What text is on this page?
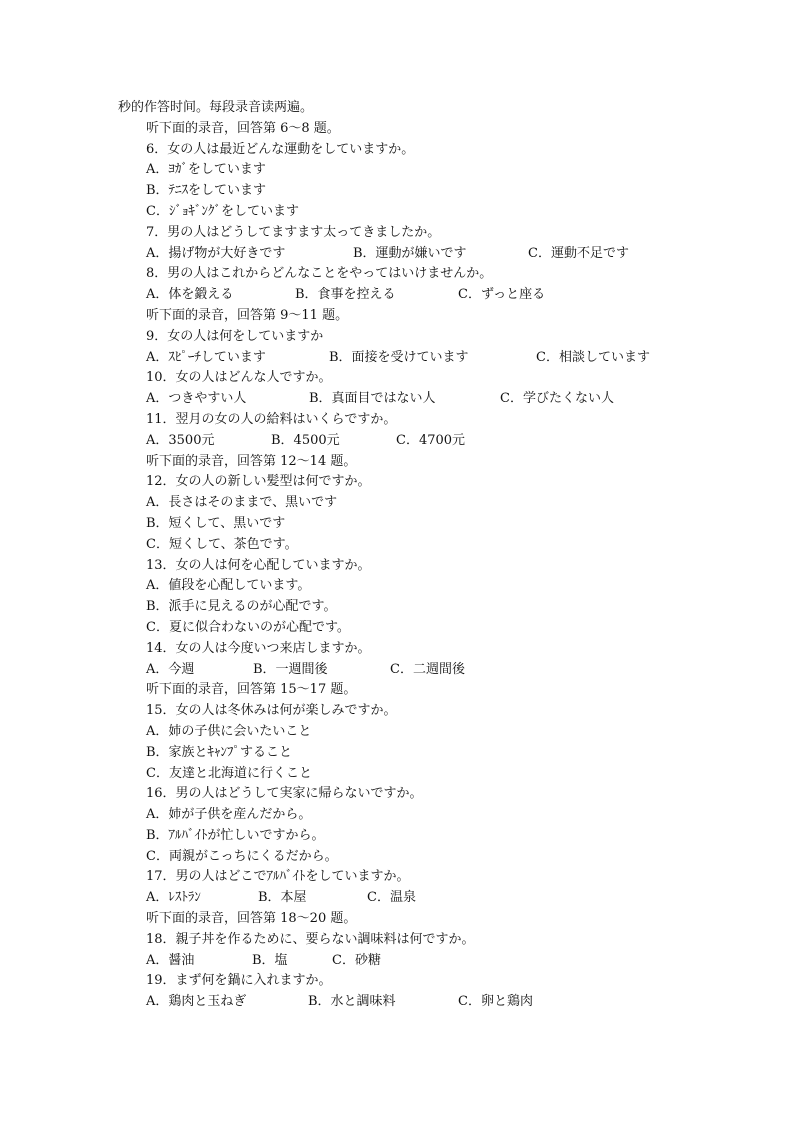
秒的作答时间。每段录音读两遍。
听下面的录音，回答第 6～8 题。
6．女の人は最近どんな運動をしていますか。
A．ﾖｶﾞをしています
B．ﾃﾆｽをしています
C．ｼﾞｮｷﾞﾝｸﾞをしています
7．男の人はどうしてますます太ってきましたか。
A．揚げ物が大好きです	B．運動が嫌いです	C．運動不足です
8．男の人はこれからどんなことをやってはいけませんか。
A．体を鍛える	B．食事を控える	C．ずっと座る
听下面的录音，回答第 9～11 题。
9．女の人は何をしていますか
A．ｽﾋﾟｰﾁしています	B．面接を受けています	C．相談しています
10．女の人はどんな人ですか。
A．つきやすい人	B．真面目ではない人	C．学びたくない人
11．翌月の女の人の給料はいくらですか。
A．3500元	B．4500元	C．4700元
听下面的录音，回答第 12～14 题。
12．女の人の新しい髪型は何ですか。
A．長さはそのままで、黒いです
B．短くして、黒いです
C．短くして、茶色です。
13．女の人は何を心配していますか。
A．値段を心配しています。
B．派手に見えるのが心配です。
C．夏に似合わないのが心配です。
14．女の人は今度いつ来店しますか。
A．今週	B．一週間後	C．二週間後
听下面的录音，回答第 15～17 题。
15．女の人は冬休みは何が楽しみですか。
A．姉の子供に会いたいこと
B．家族とｷｬﾝﾌﾟすること
C．友達と北海道に行くこと
16．男の人はどうして実家に帰らないですか。
A．姉が子供を産んだから。
B．ｱﾙﾊﾞｲﾄが忙しいですから。
C．両親がこっちにくるだから。
17．男の人はどこでｱﾙﾊﾞｲﾄをしていますか。
A．ﾚｽﾄﾗﾝ	B．本屋	C．温泉
听下面的录音，回答第 18～20 题。
18．親子丼を作るために、要らない調味料は何ですか。
A．醤油	B．塩	C．砂糖
19．まず何を鍋に入れますか。
A．鶏肉と玉ねぎ	B．水と調味料	C．卵と鶏肉
